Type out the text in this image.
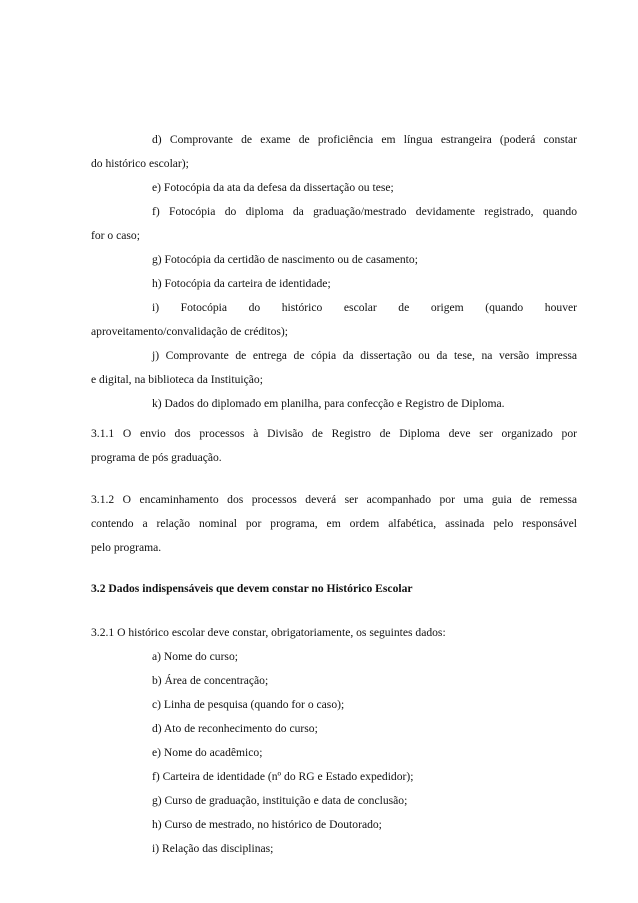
d) Comprovante de exame de proficiência em língua estrangeira (poderá constar
do histórico escolar);
e) Fotocópia da ata da defesa da dissertação ou tese;
f) Fotocópia do diploma da graduação/mestrado devidamente registrado, quando
for o caso;
g) Fotocópia da certidão de nascimento ou de casamento;
h) Fotocópia da carteira de identidade;
i) Fotocópia do histórico escolar de origem (quando houver
aproveitamento/convalidação de créditos);
j) Comprovante de entrega de cópia da dissertação ou da tese, na versão impressa
e digital, na biblioteca da Instituição;
k) Dados do diplomado em planilha, para confecção e Registro de Diploma.
3.1.1 O envio dos processos à Divisão de Registro de Diploma deve ser organizado por
programa de pós graduação.
3.1.2 O encaminhamento dos processos deverá ser acompanhado por uma guia de remessa
contendo a relação nominal por programa, em ordem alfabética, assinada pelo responsável
pelo programa.
3.2 Dados indispensáveis que devem constar no Histórico Escolar
3.2.1 O histórico escolar deve constar, obrigatoriamente, os seguintes dados:
a) Nome do curso;
b) Área de concentração;
c) Linha de pesquisa (quando for o caso);
d) Ato de reconhecimento do curso;
e) Nome do acadêmico;
f) Carteira de identidade (nº do RG e Estado expedidor);
g) Curso de graduação, instituição e data de conclusão;
h) Curso de mestrado, no histórico de Doutorado;
i) Relação das disciplinas;
